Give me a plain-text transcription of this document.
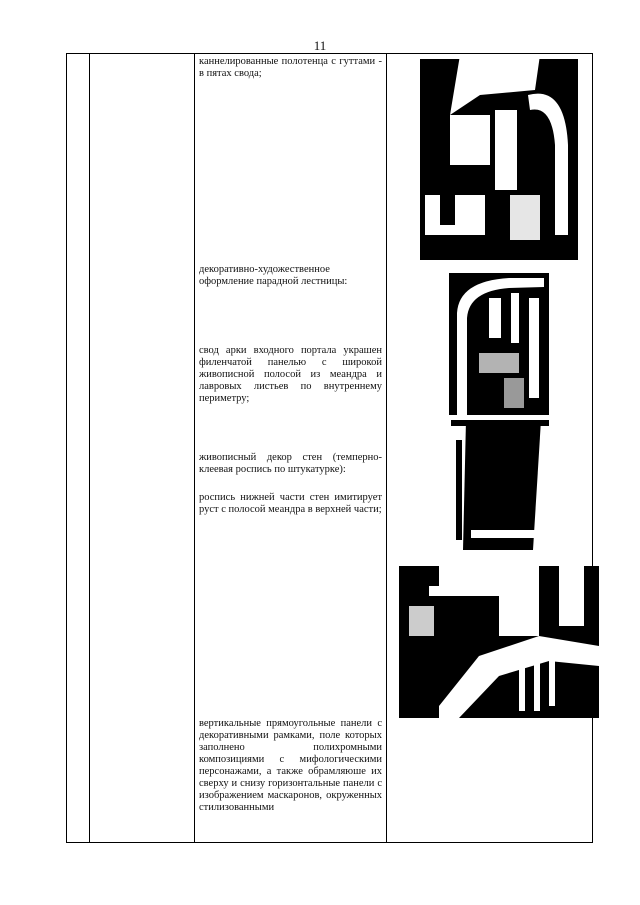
11
каннелированные полотенца с гуттами - в пятах свода;
декоративно-художественное оформление парадной лестницы:
свод арки входного портала украшен филенчатой панелью с широкой живописной полосой из меандра и лавровых листьев по внутреннему периметру;
живописный декор стен (темперно-клеевая роспись по штукатурке):
роспись нижней части стен имитирует руст с полосой меандра в верхней части;
вертикальные прямоугольные панели с декоративными рамками, поле которых заполнено полихромными композициями с мифологическими персонажами, а также обрамляюше их сверху и снизу горизонтальные панели с изображением маскаронов, окруженных стилизованными
